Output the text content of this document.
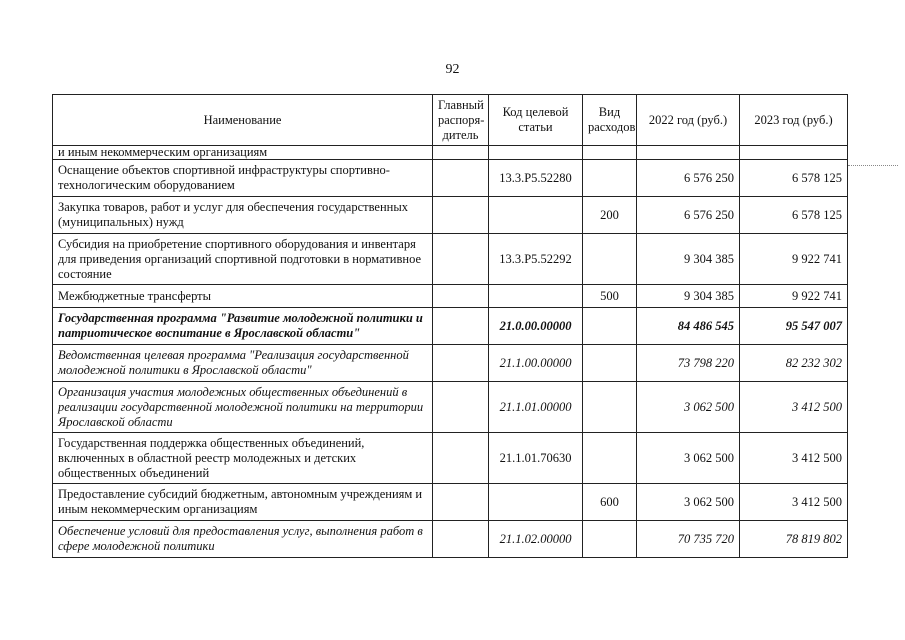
92
Наименование	Главный распоря-дитель	Код целевой статьи	Вид расходов	2022 год (руб.)	2023 год (руб.)
и иным некоммерческим организациям					
Оснащение объектов спортивной инфраструктуры спортивно-технологическим оборудованием		13.3.P5.52280		6 576 250	6 578 125
Закупка товаров, работ и услуг для обеспечения государственных (муниципальных) нужд			200	6 576 250	6 578 125
Субсидия на приобретение спортивного оборудования и инвентаря для приведения организаций спортивной подготовки в нормативное состояние		13.3.P5.52292		9 304 385	9 922 741
Межбюджетные трансферты			500	9 304 385	9 922 741
Государственная программа "Развитие молодежной политики и патриотическое воспитание в Ярославской области"		21.0.00.00000		84 486 545	95 547 007
Ведомственная целевая программа "Реализация государственной молодежной политики в Ярославской области"		21.1.00.00000		73 798 220	82 232 302
Организация участия молодежных общественных объединений в реализации государственной молодежной политики на территории Ярославской области		21.1.01.00000		3 062 500	3 412 500
Государственная поддержка общественных объединений, включенных в областной реестр молодежных и детских общественных объединений		21.1.01.70630		3 062 500	3 412 500
Предоставление субсидий бюджетным, автономным учреждениям и иным некоммерческим организациям			600	3 062 500	3 412 500
Обеспечение условий для предоставления услуг, выполнения работ в сфере молодежной политики		21.1.02.00000		70 735 720	78 819 802
